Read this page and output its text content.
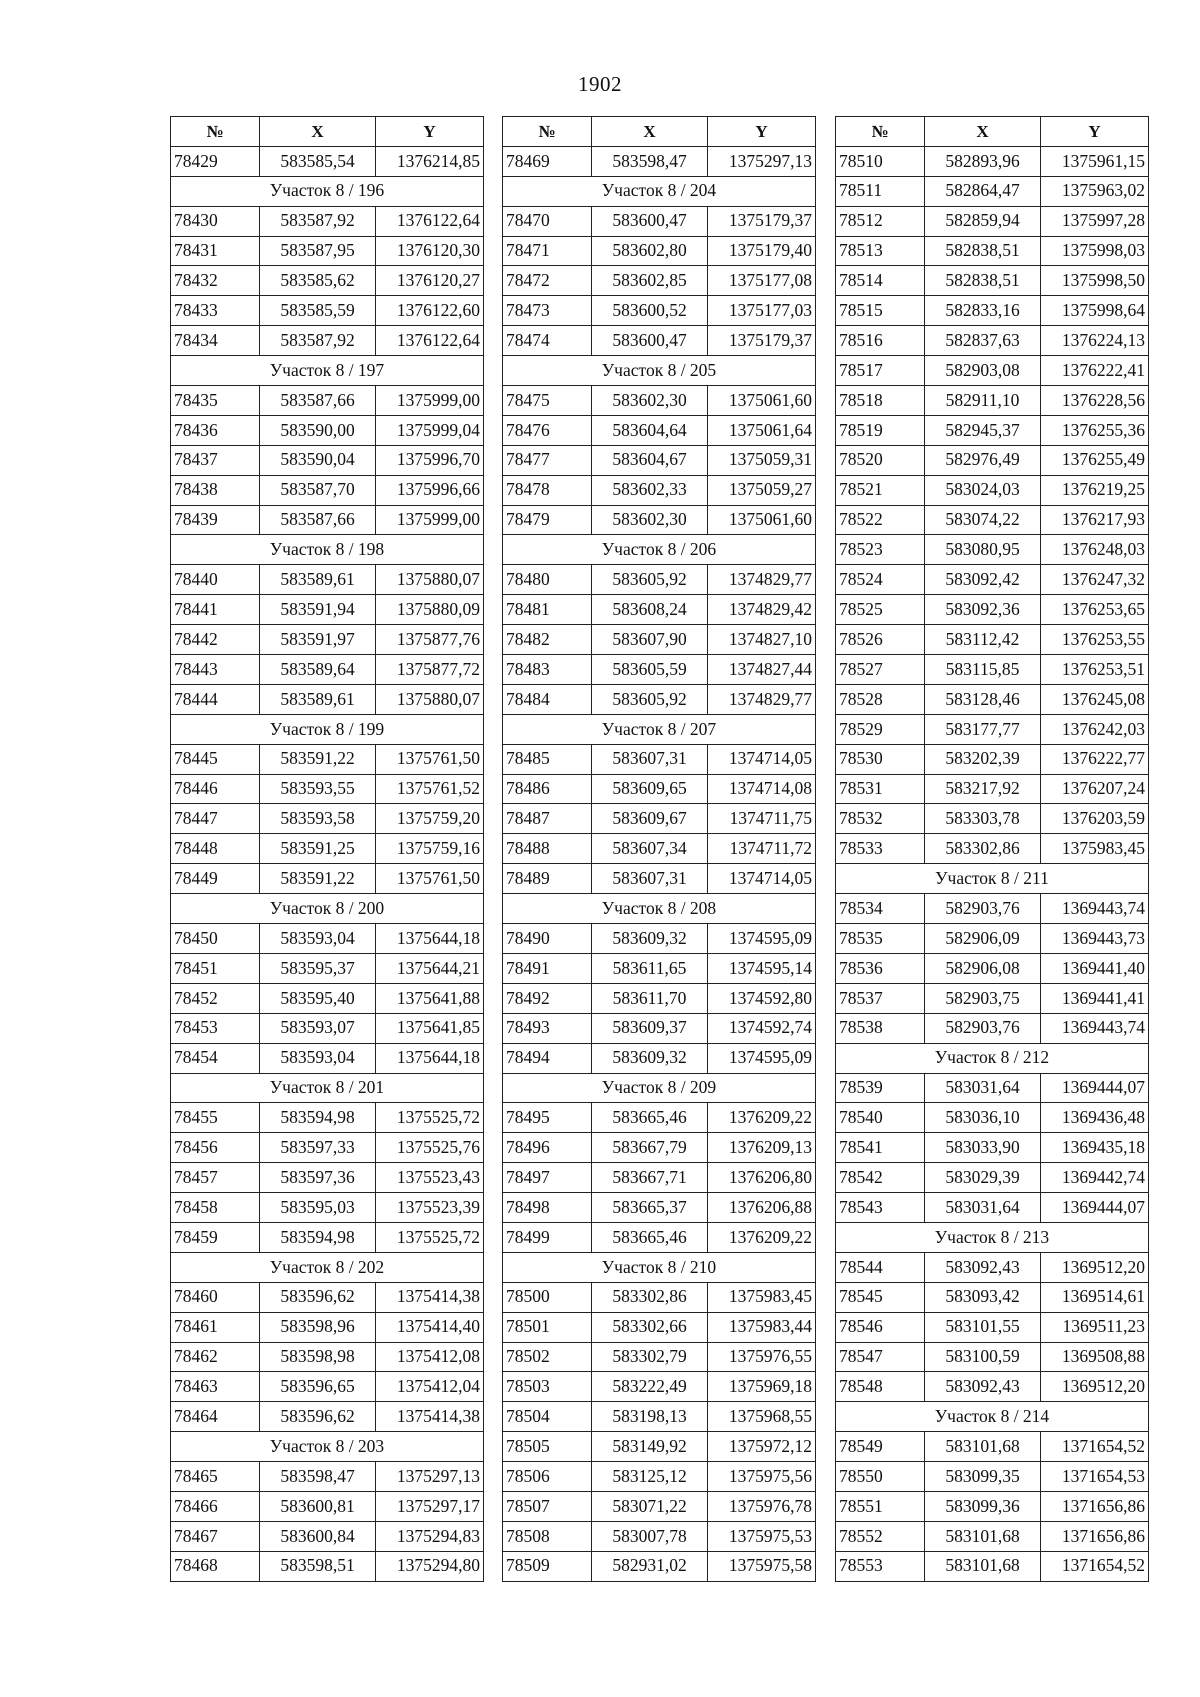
1902
№	X	Y
78429	583585,54	1376214,85
Участок 8 / 196		
78430	583587,92	1376122,64
78431	583587,95	1376120,30
78432	583585,62	1376120,27
78433	583585,59	1376122,60
78434	583587,92	1376122,64
Участок 8 / 197		
78435	583587,66	1375999,00
78436	583590,00	1375999,04
78437	583590,04	1375996,70
78438	583587,70	1375996,66
78439	583587,66	1375999,00
Участок 8 / 198		
78440	583589,61	1375880,07
78441	583591,94	1375880,09
78442	583591,97	1375877,76
78443	583589,64	1375877,72
78444	583589,61	1375880,07
Участок 8 / 199		
78445	583591,22	1375761,50
78446	583593,55	1375761,52
78447	583593,58	1375759,20
78448	583591,25	1375759,16
78449	583591,22	1375761,50
Участок 8 / 200		
78450	583593,04	1375644,18
78451	583595,37	1375644,21
78452	583595,40	1375641,88
78453	583593,07	1375641,85
78454	583593,04	1375644,18
Участок 8 / 201		
78455	583594,98	1375525,72
78456	583597,33	1375525,76
78457	583597,36	1375523,43
78458	583595,03	1375523,39
78459	583594,98	1375525,72
Участок 8 / 202		
78460	583596,62	1375414,38
78461	583598,96	1375414,40
78462	583598,98	1375412,08
78463	583596,65	1375412,04
78464	583596,62	1375414,38
Участок 8 / 203		
78465	583598,47	1375297,13
78466	583600,81	1375297,17
78467	583600,84	1375294,83
78468	583598,51	1375294,80
№	X	Y
78469	583598,47	1375297,13
Участок 8 / 204		
78470	583600,47	1375179,37
78471	583602,80	1375179,40
78472	583602,85	1375177,08
78473	583600,52	1375177,03
78474	583600,47	1375179,37
Участок 8 / 205		
78475	583602,30	1375061,60
78476	583604,64	1375061,64
78477	583604,67	1375059,31
78478	583602,33	1375059,27
78479	583602,30	1375061,60
Участок 8 / 206		
78480	583605,92	1374829,77
78481	583608,24	1374829,42
78482	583607,90	1374827,10
78483	583605,59	1374827,44
78484	583605,92	1374829,77
Участок 8 / 207		
78485	583607,31	1374714,05
78486	583609,65	1374714,08
78487	583609,67	1374711,75
78488	583607,34	1374711,72
78489	583607,31	1374714,05
Участок 8 / 208		
78490	583609,32	1374595,09
78491	583611,65	1374595,14
78492	583611,70	1374592,80
78493	583609,37	1374592,74
78494	583609,32	1374595,09
Участок 8 / 209		
78495	583665,46	1376209,22
78496	583667,79	1376209,13
78497	583667,71	1376206,80
78498	583665,37	1376206,88
78499	583665,46	1376209,22
Участок 8 / 210		
78500	583302,86	1375983,45
78501	583302,66	1375983,44
78502	583302,79	1375976,55
78503	583222,49	1375969,18
78504	583198,13	1375968,55
78505	583149,92	1375972,12
78506	583125,12	1375975,56
78507	583071,22	1375976,78
78508	583007,78	1375975,53
78509	582931,02	1375975,58
№	X	Y
78510	582893,96	1375961,15
78511	582864,47	1375963,02
78512	582859,94	1375997,28
78513	582838,51	1375998,03
78514	582838,51	1375998,50
78515	582833,16	1375998,64
78516	582837,63	1376224,13
78517	582903,08	1376222,41
78518	582911,10	1376228,56
78519	582945,37	1376255,36
78520	582976,49	1376255,49
78521	583024,03	1376219,25
78522	583074,22	1376217,93
78523	583080,95	1376248,03
78524	583092,42	1376247,32
78525	583092,36	1376253,65
78526	583112,42	1376253,55
78527	583115,85	1376253,51
78528	583128,46	1376245,08
78529	583177,77	1376242,03
78530	583202,39	1376222,77
78531	583217,92	1376207,24
78532	583303,78	1376203,59
78533	583302,86	1375983,45
Участок 8 / 211		
78534	582903,76	1369443,74
78535	582906,09	1369443,73
78536	582906,08	1369441,40
78537	582903,75	1369441,41
78538	582903,76	1369443,74
Участок 8 / 212		
78539	583031,64	1369444,07
78540	583036,10	1369436,48
78541	583033,90	1369435,18
78542	583029,39	1369442,74
78543	583031,64	1369444,07
Участок 8 / 213		
78544	583092,43	1369512,20
78545	583093,42	1369514,61
78546	583101,55	1369511,23
78547	583100,59	1369508,88
78548	583092,43	1369512,20
Участок 8 / 214		
78549	583101,68	1371654,52
78550	583099,35	1371654,53
78551	583099,36	1371656,86
78552	583101,68	1371656,86
78553	583101,68	1371654,52
